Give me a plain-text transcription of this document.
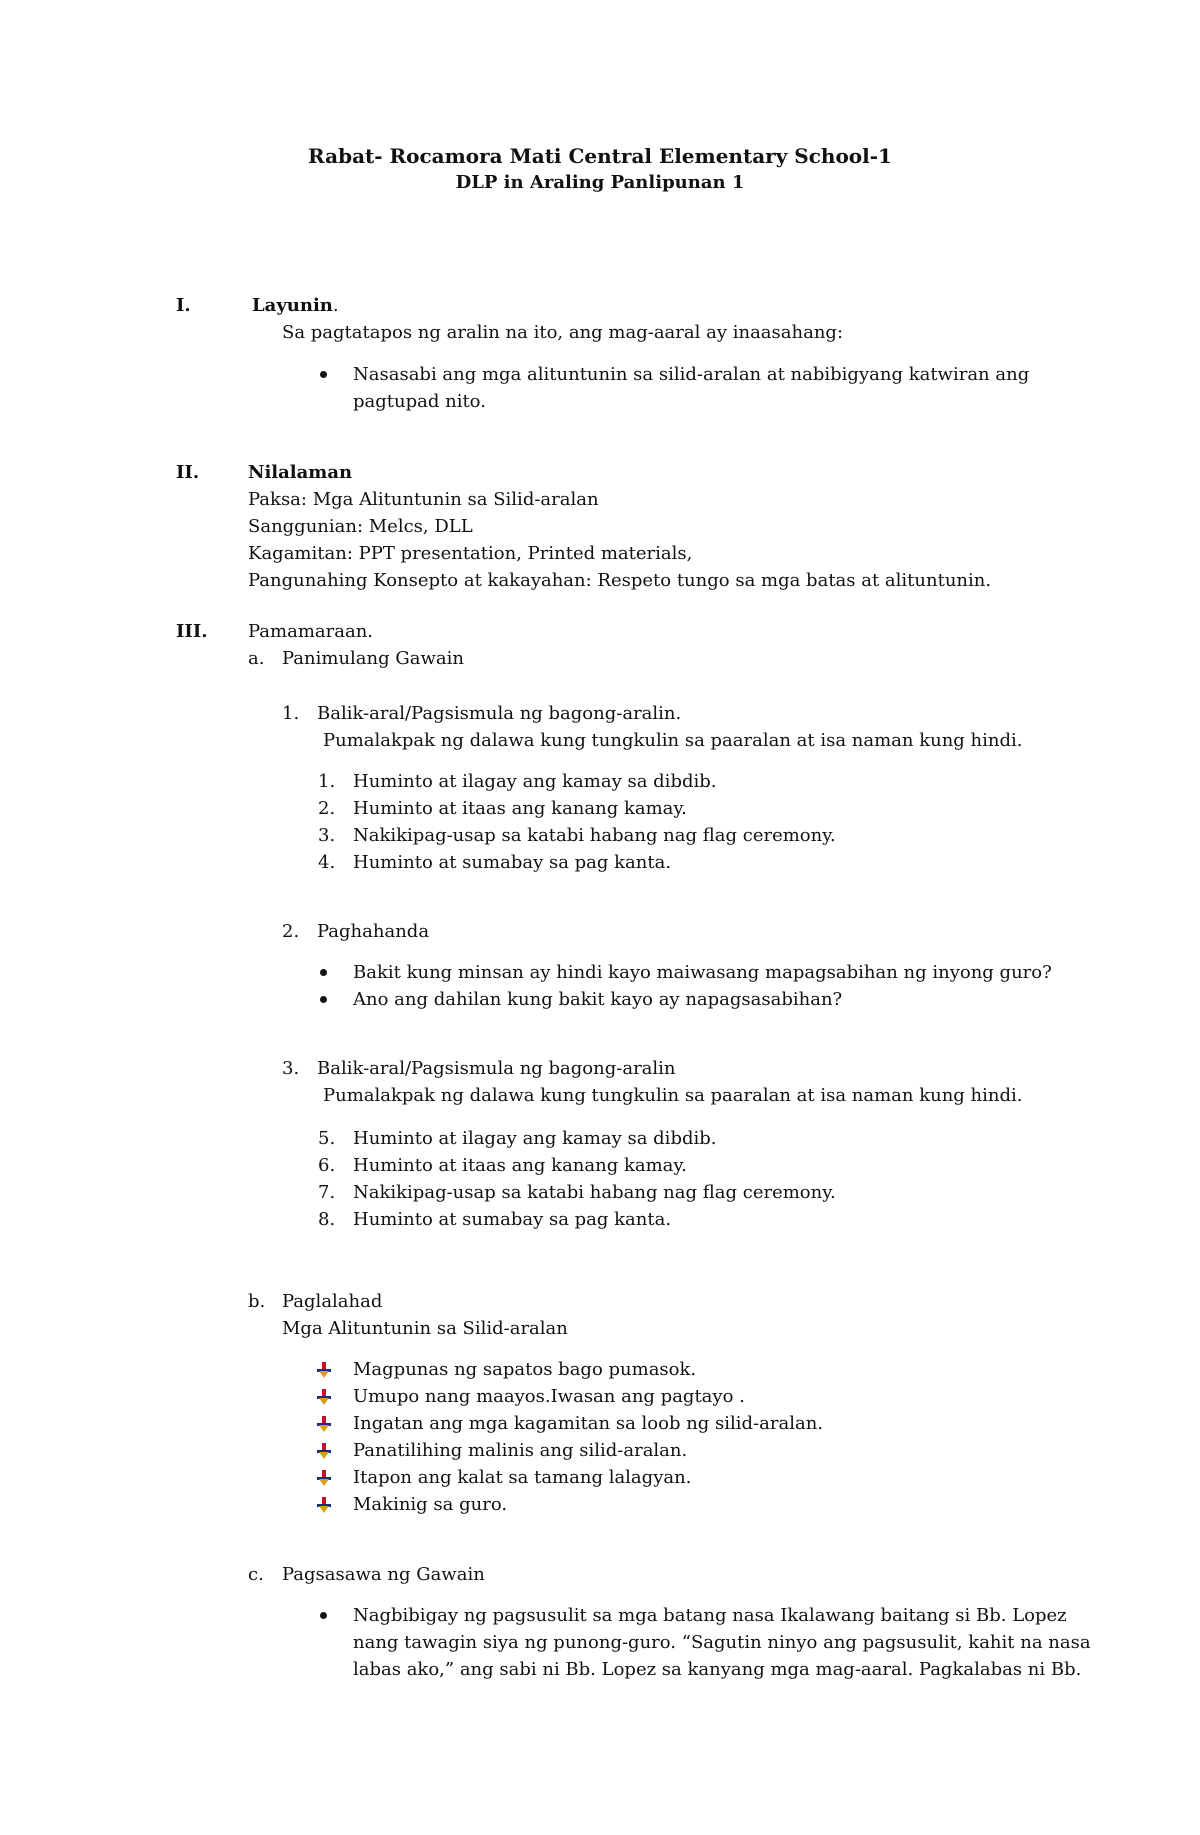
Rabat- Rocamora Mati Central Elementary School-1
DLP in Araling Panlipunan 1
I.	Layunin.
Sa pagtatapos ng aralin na ito, ang mag-aaral ay inaasahang:
Nasasabi ang mga alituntunin sa silid-aralan at nabibigyang katwiran ang
pagtupad nito.
II.	Nilalaman
Paksa: Mga Alituntunin sa Silid-aralan
Sanggunian: Melcs, DLL
Kagamitan: PPT presentation, Printed materials,
Pangunahing Konsepto at kakayahan: Respeto tungo sa mga batas at alituntunin.
III. Pamamaraan.
a. Panimulang Gawain
1. Balik-aral/Pagsismula ng bagong-aralin.
Pumalakpak ng dalawa kung tungkulin sa paaralan at isa naman kung hindi.
1. Huminto at ilagay ang kamay sa dibdib.
2. Huminto at itaas ang kanang kamay.
3. Nakikipag-usap sa katabi habang nag flag ceremony.
4. Huminto at sumabay sa pag kanta.
2. Paghahanda
Bakit kung minsan ay hindi kayo maiwasang mapagsabihan ng inyong guro?
Ano ang dahilan kung bakit kayo ay napagsasabihan?
3. Balik-aral/Pagsismula ng bagong-aralin
Pumalakpak ng dalawa kung tungkulin sa paaralan at isa naman kung hindi.
5. Huminto at ilagay ang kamay sa dibdib.
6. Huminto at itaas ang kanang kamay.
7. Nakikipag-usap sa katabi habang nag flag ceremony.
8. Huminto at sumabay sa pag kanta.
b. Paglalahad
Mga Alituntunin sa Silid-aralan
Magpunas ng sapatos bago pumasok.
Umupo nang maayos.Iwasan ang pagtayo .
Ingatan ang mga kagamitan sa loob ng silid-aralan.
Panatilihing malinis ang silid-aralan.
Itapon ang kalat sa tamang lalagyan.
Makinig sa guro.
c. Pagsasawa ng Gawain
Nagbibigay ng pagsusulit sa mga batang nasa Ikalawang baitang si Bb. Lopez
nang tawagin siya ng punong-guro. “Sagutin ninyo ang pagsusulit, kahit na nasa
labas ako,” ang sabi ni Bb. Lopez sa kanyang mga mag-aaral. Pagkalabas ni Bb.
